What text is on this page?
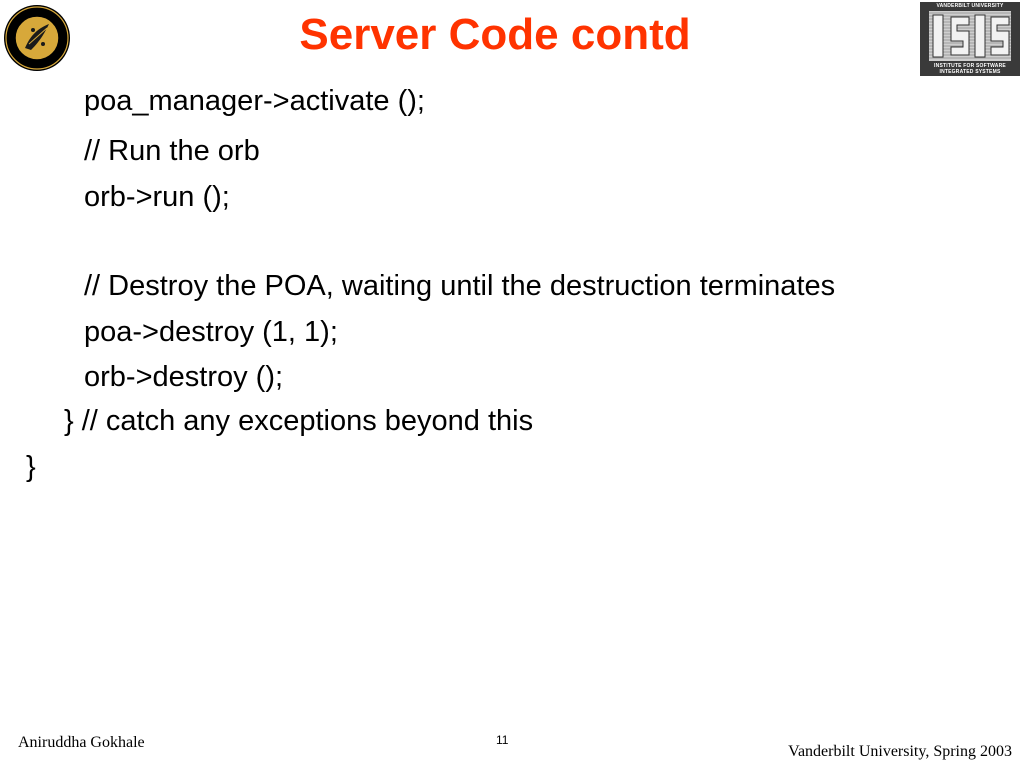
Server Code contd
VANDERBILT UNIVERSITY
INSTITUTE FOR SOFTWARE
INTEGRATED SYSTEMS
poa_manager->activate ();
// Run the orb
orb->run ();
// Destroy the POA, waiting until the destruction terminates
poa->destroy (1, 1);
orb->destroy ();
} // catch any exceptions beyond this
}
Aniruddha Gokhale	11
Vanderbilt University, Spring 2003
